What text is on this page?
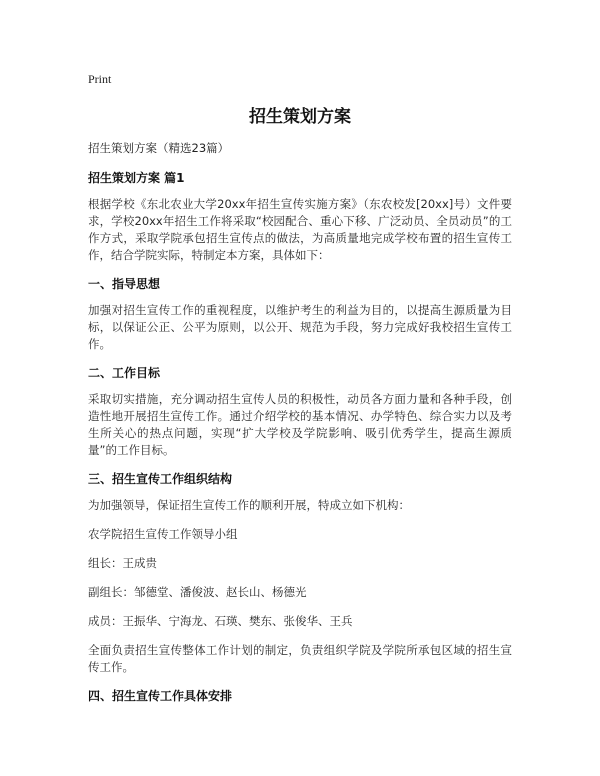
Print
招生策划方案
招生策划方案（精选23篇）
招生策划方案 篇1

根据学校《东北农业大学20xx年招生宣传实施方案》（东农校发[20xx]号）文件要求，学校20xx年招生工作将采取“校园配合、重心下移、广泛动员、全员动员”的工作方式，采取学院承包招生宣传点的做法，为高质量地完成学校布置的招生宣传工作，结合学院实际，特制定本方案，具体如下：

一、指导思想

加强对招生宣传工作的重视程度，以维护考生的利益为目的，以提高生源质量为目标，以保证公正、公平为原则，以公开、规范为手段，努力完成好我校招生宣传工作。

二、工作目标

采取切实措施，充分调动招生宣传人员的积极性，动员各方面力量和各种手段，创造性地开展招生宣传工作。通过介绍学校的基本情况、办学特色、综合实力以及考生所关心的热点问题，实现“扩大学校及学院影响、吸引优秀学生，提高生源质量”的工作目标。

三、招生宣传工作组织结构

为加强领导，保证招生宣传工作的顺利开展，特成立如下机构：

农学院招生宣传工作领导小组

组长：王成贵

副组长：邹德堂、潘俊波、赵长山、杨德光

成员：王振华、宁海龙、石瑛、樊东、张俊华、王兵

全面负责招生宣传整体工作计划的制定，负责组织学院及学院所承包区域的招生宣传工作。

四、招生宣传工作具体安排
